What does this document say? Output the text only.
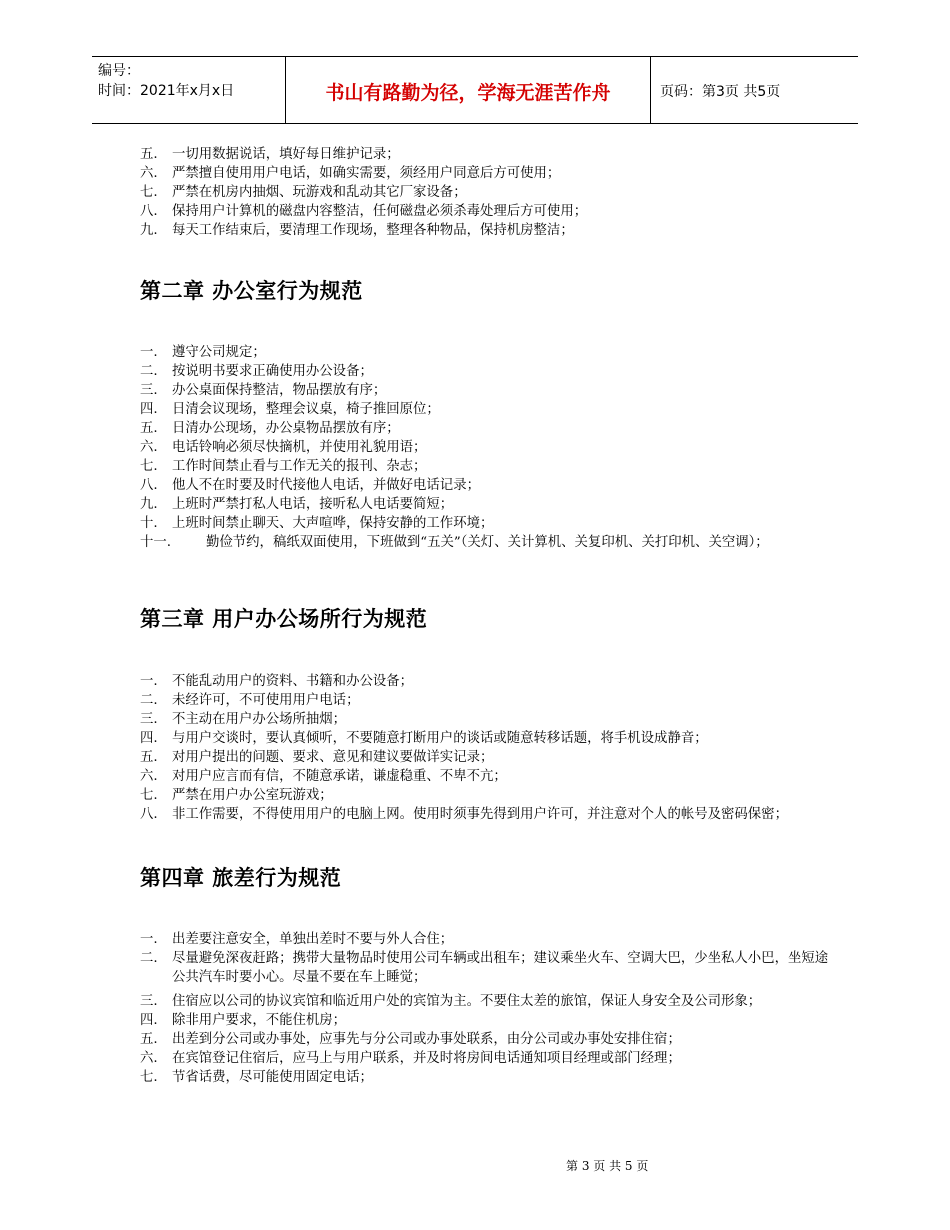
编号：
时间：2021年x月x日	书山有路勤为径，学海无涯苦作舟	页码：第3页 共5页
五. 一切用数据说话，填好每日维护记录；
六. 严禁擅自使用用户电话，如确实需要，须经用户同意后方可使用；
七. 严禁在机房内抽烟、玩游戏和乱动其它厂家设备；
八. 保持用户计算机的磁盘内容整洁，任何磁盘必须杀毒处理后方可使用；
九. 每天工作结束后，要清理工作现场，整理各种物品，保持机房整洁；
第二章 办公室行为规范
一. 遵守公司规定；
二. 按说明书要求正确使用办公设备；
三. 办公桌面保持整洁，物品摆放有序；
四. 日清会议现场，整理会议桌，椅子推回原位；
五. 日清办公现场，办公桌物品摆放有序；
六. 电话铃响必须尽快摘机，并使用礼貌用语；
七. 工作时间禁止看与工作无关的报刊、杂志；
八. 他人不在时要及时代接他人电话，并做好电话记录；
九. 上班时严禁打私人电话，接听私人电话要简短；
十. 上班时间禁止聊天、大声喧哗，保持安静的工作环境；
十一.	勤俭节约，稿纸双面使用，下班做到“五关”（关灯、关计算机、关复印机、关打印机、关空调）；
第三章 用户办公场所行为规范
一. 不能乱动用户的资料、书籍和办公设备；
二. 未经许可，不可使用用户电话；
三. 不主动在用户办公场所抽烟；
四. 与用户交谈时，要认真倾听，不要随意打断用户的谈话或随意转移话题，将手机设成静音；
五. 对用户提出的问题、要求、意见和建议要做详实记录；
六. 对用户应言而有信，不随意承诺，谦虚稳重、不卑不亢；
七. 严禁在用户办公室玩游戏；
八. 非工作需要，不得使用用户的电脑上网。使用时须事先得到用户许可，并注意对个人的帐号及密码保密；
第四章 旅差行为规范
一. 出差要注意安全，单独出差时不要与外人合住；
二. 尽量避免深夜赶路；携带大量物品时使用公司车辆或出租车；建议乘坐火车、空调大巴，少坐私人小巴，坐短途公共汽车时要小心。尽量不要在车上睡觉；
三. 住宿应以公司的协议宾馆和临近用户处的宾馆为主。不要住太差的旅馆，保证人身安全及公司形象；
四. 除非用户要求，不能住机房；
五. 出差到分公司或办事处，应事先与分公司或办事处联系，由分公司或办事处安排住宿；
六. 在宾馆登记住宿后，应马上与用户联系，并及时将房间电话通知项目经理或部门经理；
七. 节省话费，尽可能使用固定电话；
第 3 页 共 5 页
